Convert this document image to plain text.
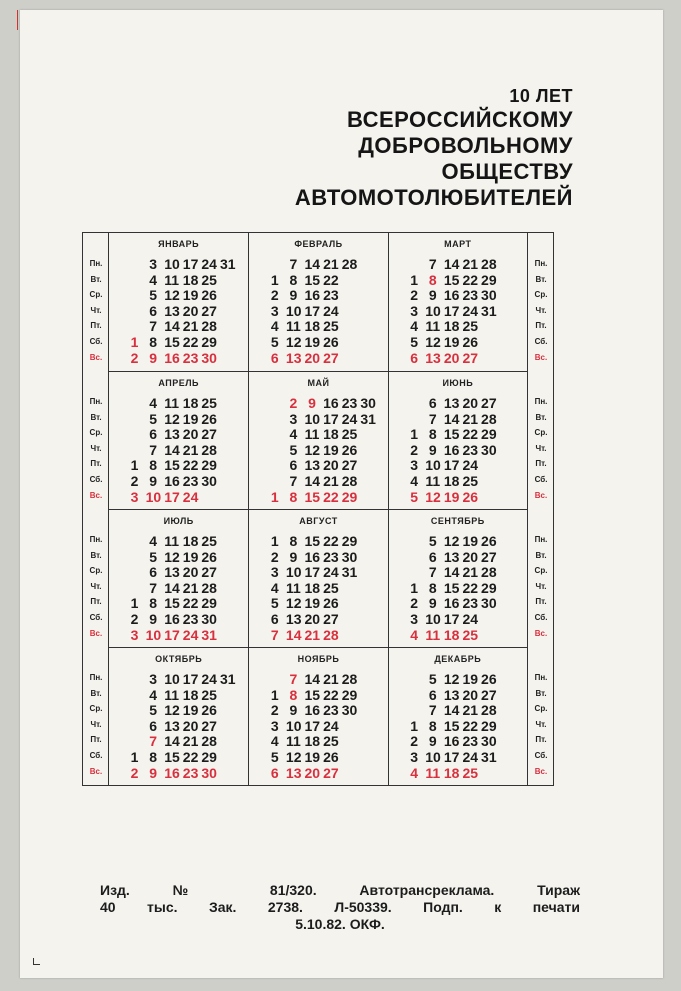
10 ЛЕТ
ВСЕРОССИЙСКОМУ
ДОБРОВОЛЬНОМУ
ОБЩЕСТВУ
АВТОМОТОЛЮБИТЕЛЕЙ
Пн.
Вт.
Ср.
Чт.
Пт.
Сб.
Вс.
Пн.
Вт.
Ср.
Чт.
Пт.
Сб.
Вс.
Пн.
Вт.
Ср.
Чт.
Пт.
Сб.
Вс.
Пн.
Вт.
Ср.
Чт.
Пт.
Сб.
Вс.
Пн.
Вт.
Ср.
Чт.
Пт.
Сб.
Вс.
Пн.
Вт.
Ср.
Чт.
Пт.
Сб.
Вс.
Пн.
Вт.
Ср.
Чт.
Пт.
Сб.
Вс.
Пн.
Вт.
Ср.
Чт.
Пт.
Сб.
Вс.
ЯНВАРЬ
1
2
3
4
5
6
7
8
9
10
11
12
13
14
15
16
17
18
19
20
21
22
23
24
25
26
27
28
29
30
31
ФЕВРАЛЬ
1
2
3
4
5
6
7
8
9
10
11
12
13
14
15
16
17
18
19
20
21
22
23
24
25
26
27
28
МАРТ
1
2
3
4
5
6
7
8
9
10
11
12
13
14
15
16
17
18
19
20
21
22
23
24
25
26
27
28
29
30
31
АПРЕЛЬ
1
2
3
4
5
6
7
8
9
10
11
12
13
14
15
16
17
18
19
20
21
22
23
24
25
26
27
28
29
30
МАЙ
1
2
3
4
5
6
7
8
9
10
11
12
13
14
15
16
17
18
19
20
21
22
23
24
25
26
27
28
29
30
31
ИЮНЬ
1
2
3
4
5
6
7
8
9
10
11
12
13
14
15
16
17
18
19
20
21
22
23
24
25
26
27
28
29
30
ИЮЛЬ
1
2
3
4
5
6
7
8
9
10
11
12
13
14
15
16
17
18
19
20
21
22
23
24
25
26
27
28
29
30
31
АВГУСТ
1
2
3
4
5
6
7
8
9
10
11
12
13
14
15
16
17
18
19
20
21
22
23
24
25
26
27
28
29
30
31
СЕНТЯБРЬ
1
2
3
4
5
6
7
8
9
10
11
12
13
14
15
16
17
18
19
20
21
22
23
24
25
26
27
28
29
30
ОКТЯБРЬ
1
2
3
4
5
6
7
8
9
10
11
12
13
14
15
16
17
18
19
20
21
22
23
24
25
26
27
28
29
30
31
НОЯБРЬ
1
2
3
4
5
6
7
8
9
10
11
12
13
14
15
16
17
18
19
20
21
22
23
24
25
26
27
28
29
30
ДЕКАБРЬ
1
2
3
4
5
6
7
8
9
10
11
12
13
14
15
16
17
18
19
20
21
22
23
24
25
26
27
28
29
30
31
Изд. № 81/320. Автотрансреклама. Тираж
40 тыс. Зак. 2738. Л-50339. Подп. к печати
5.10.82. ОКФ.
